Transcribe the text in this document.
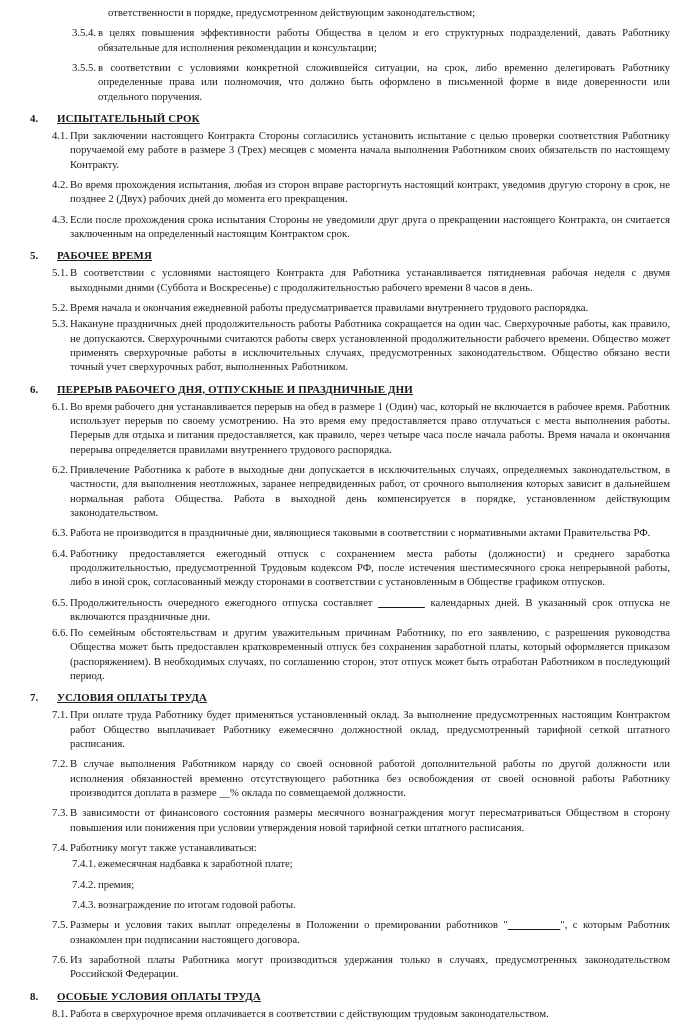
ответственности в порядке, предусмотренном действующим законодательством;

3.5.4. в целях повышения эффективности работы Общества в целом и его структурных подразделений, давать Работнику обязательные для исполнения рекомендации и консультации;
3.5.5. в соответствии с условиями конкретной сложившейся ситуации, на срок, либо временно делегировать Работнику определенные права или полномочия, что должно быть оформлено в письменной форме в виде доверенности или отдельного поручения.
4.	ИСПЫТАТЕЛЬНЫЙ СРОК
4.1. При заключении настоящего Контракта Стороны согласились установить испытание с целью проверки соответствия Работнику поручаемой ему работе в размере 3 (Трех) месяцев с момента начала выполнения Работником своих обязательств по настоящему Контракту.
4.2. Во время прохождения испытания, любая из сторон вправе расторгнуть настоящий контракт, уведомив другую сторону в срок, не позднее 2 (Двух) рабочих дней до момента его прекращения.
4.3. Если после прохождения срока испытания Стороны не уведомили друг друга о прекращении настоящего Контракта, он считается заключенным на определенный настоящим Контрактом срок.
5.	РАБОЧЕЕ ВРЕМЯ
5.1. В соответствии с условиями настоящего Контракта для Работника устанавливается пятидневная рабочая неделя с двумя выходными днями (Суббота и Воскресенье) с продолжительностью рабочего времени 8 часов в день.
5.2. Время начала и окончания ежедневной работы предусматривается правилами внутреннего трудового распорядка.
5.3. Накануне праздничных дней продолжительность работы Работника сокращается на один час. Сверхурочные работы, как правило, не допускаются. Сверхурочными считаются работы сверх установленной продолжительности рабочего времени. Общество может применять сверхурочные работы в исключительных случаях, предусмотренных законодательством. Общество обязано вести точный учет сверхурочных работ, выполненных Работником.
6.	ПЕРЕРЫВ РАБОЧЕГО ДНЯ, ОТПУСКНЫЕ И ПРАЗДНИЧНЫЕ ДНИ
6.1. Во время рабочего дня устанавливается перерыв на обед в размере 1 (Один) час, который не включается в рабочее время. Работник использует перерыв по своему усмотрению. На это время ему предоставляется право отлучаться с места выполнения работы. Перерыв для отдыха и питания предоставляется, как правило, через четыре часа после начала работы. Время начала и окончания перерыва определяется правилами внутреннего трудового распорядка.
6.2. Привлечение Работника к работе в выходные дни допускается в исключительных случаях, определяемых законодательством, в частности, для выполнения неотложных, заранее непредвиденных работ, от срочного выполнения которых зависит в дальнейшем нормальная работа Общества. Работа в выходной день компенсируется в порядке, установленном действующим законодательством.
6.3. Работа не производится в праздничные дни, являющиеся таковыми в соответствии с нормативными актами Правительства РФ.
6.4. Работнику предоставляется ежегодный отпуск с сохранением места работы (должности) и среднего заработка продолжительностью, предусмотренной Трудовым кодексом РФ, после истечения шестимесячного срока непрерывной работы, либо в иной срок, согласованный между сторонами в соответствии с установленным в Обществе графиком отпусков.
6.5. Продолжительность очередного ежегодного отпуска составляет ________ календарных дней. В указанный срок отпуска не включаются праздничные дни.
6.6. По семейным обстоятельствам и другим уважительным причинам Работнику, по его заявлению, с разрешения руководства Общества может быть предоставлен кратковременный отпуск без сохранения заработной платы, который оформляется приказом (распоряжением). В необходимых случаях, по соглашению сторон, этот отпуск может быть отработан Работником в последующий период.
7.	УСЛОВИЯ ОПЛАТЫ ТРУДА
7.1. При оплате труда Работнику будет применяться установленный оклад. За выполнение предусмотренных настоящим Контрактом работ Общество выплачивает Работнику ежемесячно должностной оклад, предусмотренный тарифной сеткой штатного расписания.
7.2. В случае выполнения Работником наряду со своей основной работой дополнительной работы по другой должности или исполнения обязанностей временно отсутствующего работника без освобождения от своей основной работы Работнику производится доплата в размере __% оклада по совмещаемой должности.
7.3. В зависимости от финансового состояния размеры месячного вознаграждения могут пересматриваться Обществом в сторону повышения или понижения при условии утверждения новой тарифной сетки штатного расписания.
7.4. Работнику могут также устанавливаться:
7.4.1. ежемесячная надбавка к заработной плате;
7.4.2. премия;
7.4.3. вознаграждение по итогам годовой работы.
7.5. Размеры и условия таких выплат определены в Положении о премировании работников "_________", с которым Работник ознакомлен при подписании настоящего договора.
7.6. Из заработной платы Работника могут производиться удержания только в случаях, предусмотренных законодательством Российской Федерации.
8.	ОСОБЫЕ УСЛОВИЯ ОПЛАТЫ ТРУДА
8.1. Работа в сверхурочное время оплачивается в соответствии с действующим трудовым законодательством.
